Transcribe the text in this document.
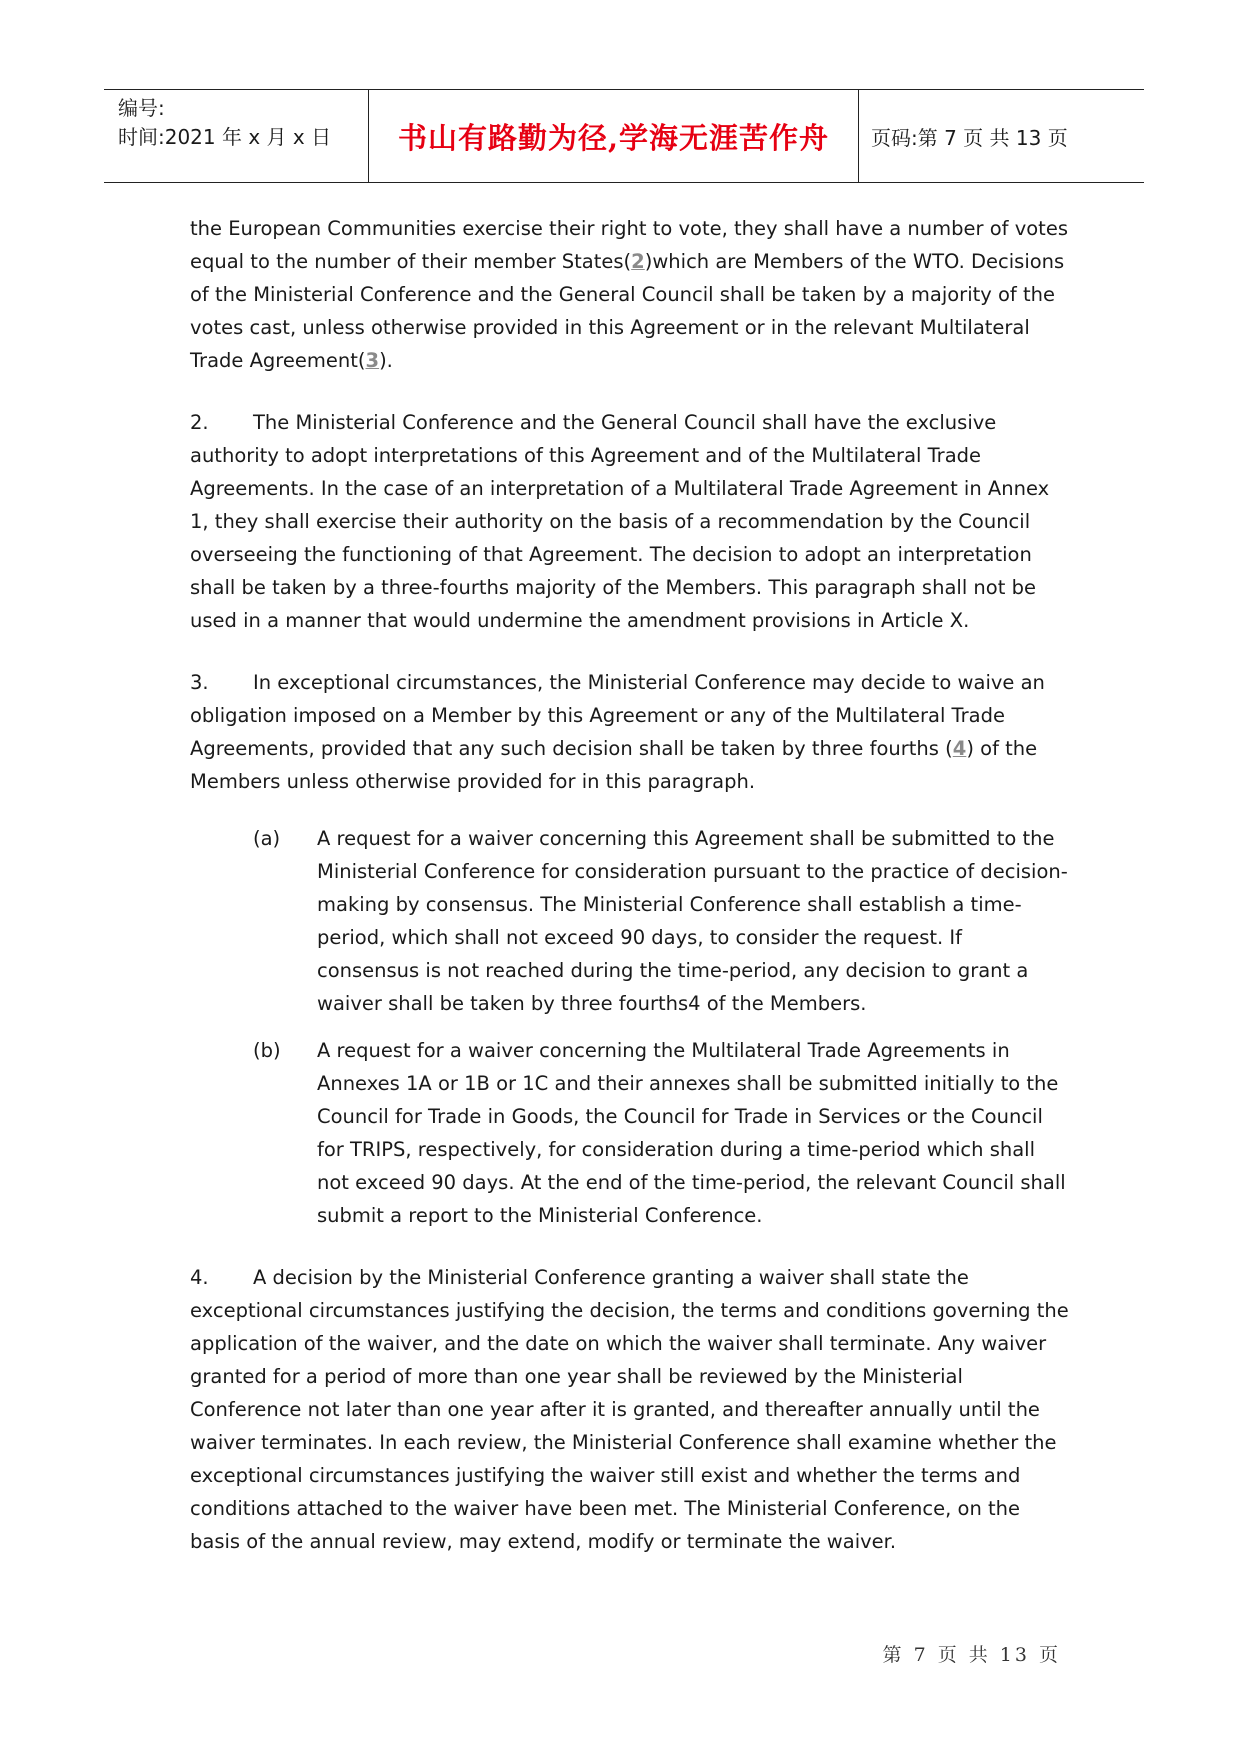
编号:
时间:2021 年 x 月 x 日	书山有路勤为径,学海无涯苦作舟 页码:第 7 页 共 13 页

the European Communities exercise their right to vote, they shall have a number of votes equal to the number of their member States(2)which are Members of the WTO. Decisions of the Ministerial Conference and the General Council shall be taken by a majority of the votes cast, unless otherwise provided in this Agreement or in the relevant Multilateral Trade Agreement(3).

2. The Ministerial Conference and the General Council shall have the exclusive authority to adopt interpretations of this Agreement and of the Multilateral Trade Agreements. In the case of an interpretation of a Multilateral Trade Agreement in Annex 1, they shall exercise their authority on the basis of a recommendation by the Council overseeing the functioning of that Agreement. The decision to adopt an interpretation shall be taken by a three-fourths majority of the Members. This paragraph shall not be used in a manner that would undermine the amendment provisions in Article X.

3. In exceptional circumstances, the Ministerial Conference may decide to waive an obligation imposed on a Member by this Agreement or any of the Multilateral Trade Agreements, provided that any such decision shall be taken by three fourths (4) of the Members unless otherwise provided for in this paragraph.

(a)	A request for a waiver concerning this Agreement shall be submitted to the Ministerial Conference for consideration pursuant to the practice of decision-making by consensus. The Ministerial Conference shall establish a time-period, which shall not exceed 90 days, to consider the request. If consensus is not reached during the time-period, any decision to grant a waiver shall be taken by three fourths4 of the Members.
(b)	A request for a waiver concerning the Multilateral Trade Agreements in Annexes 1A or 1B or 1C and their annexes shall be submitted initially to the Council for Trade in Goods, the Council for Trade in Services or the Council for TRIPS, respectively, for consideration during a time-period which shall not exceed 90 days. At the end of the time-period, the relevant Council shall submit a report to the Ministerial Conference.

4. A decision by the Ministerial Conference granting a waiver shall state the exceptional circumstances justifying the decision, the terms and conditions governing the application of the waiver, and the date on which the waiver shall terminate. Any waiver granted for a period of more than one year shall be reviewed by the Ministerial Conference not later than one year after it is granted, and thereafter annually until the waiver terminates. In each review, the Ministerial Conference shall examine whether the exceptional circumstances justifying the waiver still exist and whether the terms and conditions attached to the waiver have been met. The Ministerial Conference, on the basis of the annual review, may extend, modify or terminate the waiver.

第 7 页 共 13 页
